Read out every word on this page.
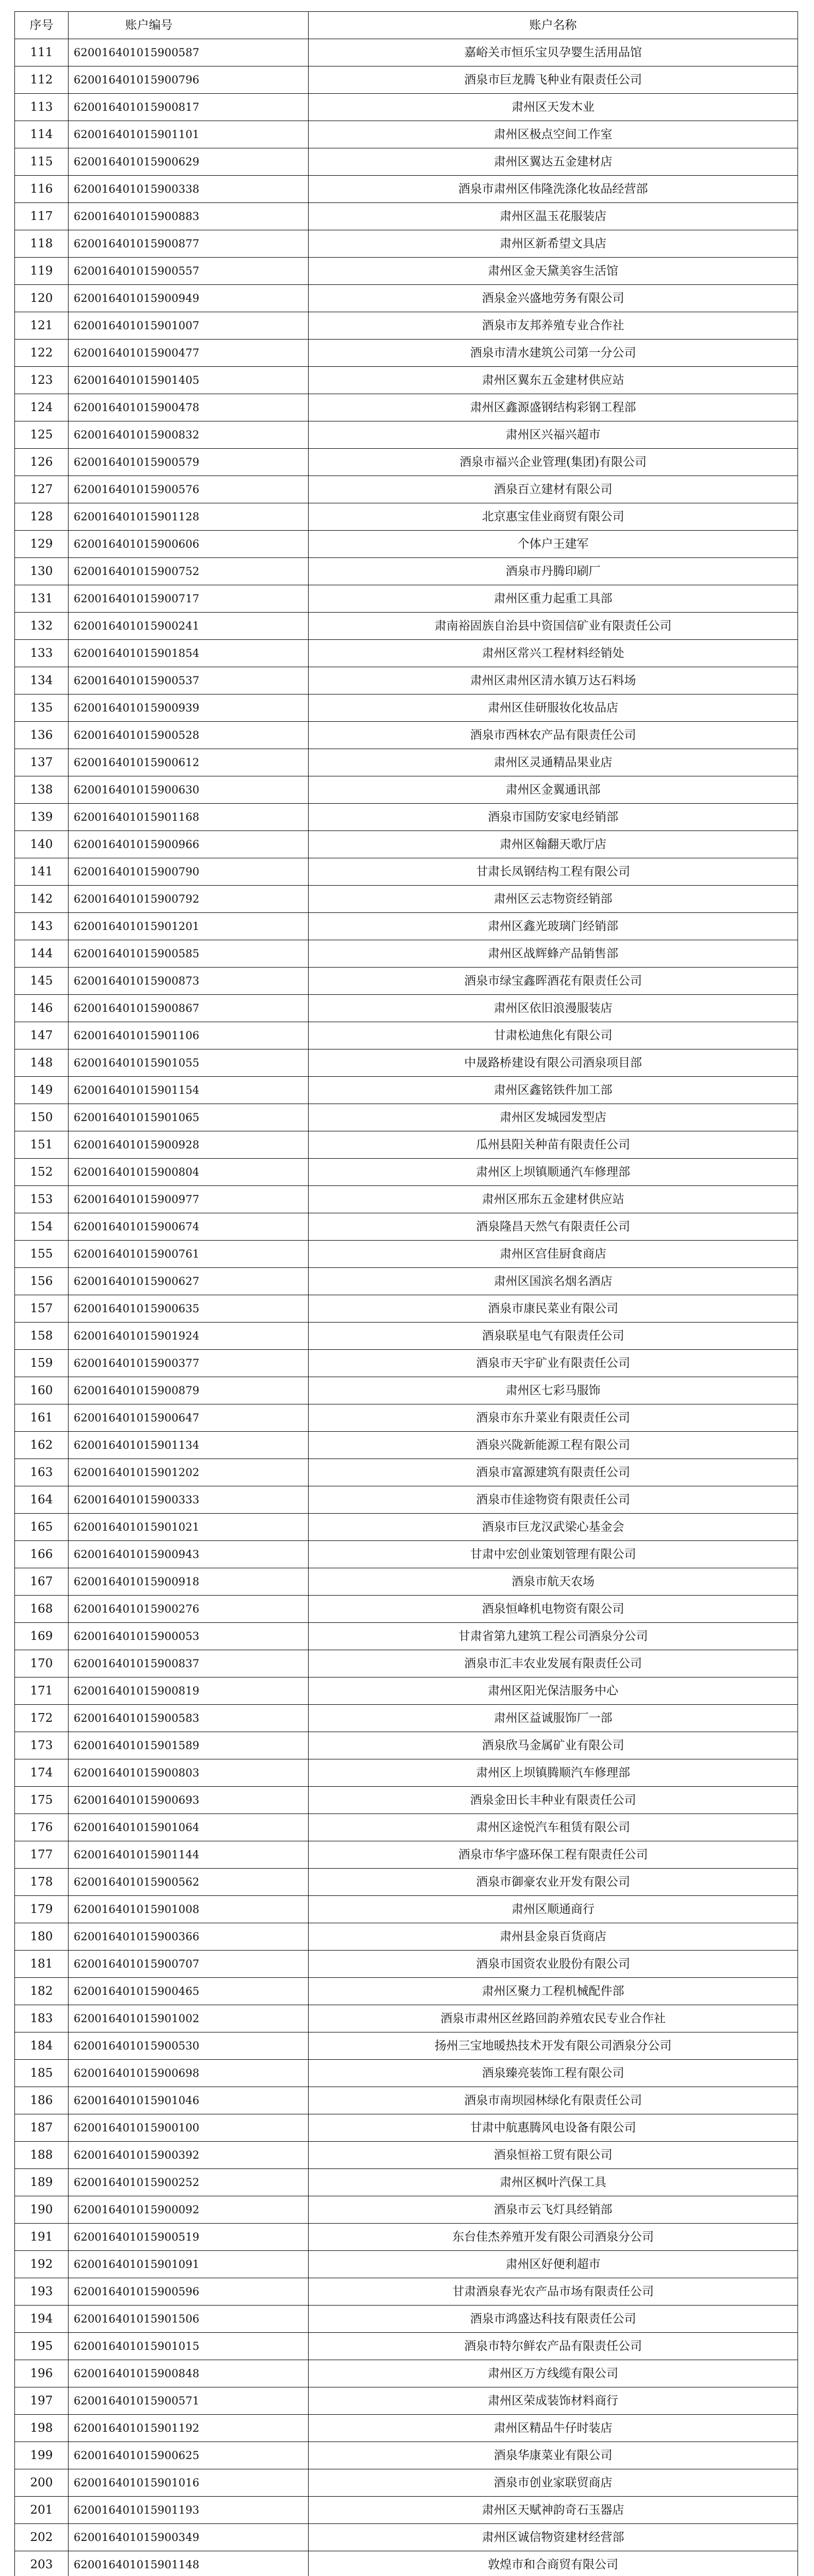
序号	账户编号	账户名称
111	620016401015900587	嘉峪关市恒乐宝贝孕婴生活用品馆
112	620016401015900796	酒泉市巨龙腾飞种业有限责任公司
113	620016401015900817	肃州区天发木业
114	620016401015901101	肃州区极点空间工作室
115	620016401015900629	肃州区翼达五金建材店
116	620016401015900338	酒泉市肃州区伟隆洗涤化妆品经营部
117	620016401015900883	肃州区温玉花服装店
118	620016401015900877	肃州区新希望文具店
119	620016401015900557	肃州区金天黛美容生活馆
120	620016401015900949	酒泉金兴盛地劳务有限公司
121	620016401015901007	酒泉市友邦养殖专业合作社
122	620016401015900477	酒泉市清水建筑公司第一分公司
123	620016401015901405	肃州区翼东五金建材供应站
124	620016401015900478	肃州区鑫源盛钢结构彩钢工程部
125	620016401015900832	肃州区兴福兴超市
126	620016401015900579	酒泉市福兴企业管理(集团)有限公司
127	620016401015900576	酒泉百立建材有限公司
128	620016401015901128	北京惠宝佳业商贸有限公司
129	620016401015900606	个体户王建军
130	620016401015900752	酒泉市丹腾印刷厂
131	620016401015900717	肃州区重力起重工具部
132	620016401015900241	肃南裕固族自治县中资国信矿业有限责任公司
133	620016401015901854	肃州区常兴工程材料经销处
134	620016401015900537	肃州区肃州区清水镇万达石料场
135	620016401015900939	肃州区佳研服妆化妆品店
136	620016401015900528	酒泉市西林农产品有限责任公司
137	620016401015900612	肃州区灵通精品果业店
138	620016401015900630	肃州区金翼通讯部
139	620016401015901168	酒泉市国防安家电经销部
140	620016401015900966	肃州区翰翻天歌厅店
141	620016401015900790	甘肃长凤钢结构工程有限公司
142	620016401015900792	肃州区云志物资经销部
143	620016401015901201	肃州区鑫光玻璃门经销部
144	620016401015900585	肃州区战辉蜂产品销售部
145	620016401015900873	酒泉市绿宝鑫晖酒花有限责任公司
146	620016401015900867	肃州区依旧浪漫服装店
147	620016401015901106	甘肃松迪焦化有限公司
148	620016401015901055	中晟路桥建设有限公司酒泉项目部
149	620016401015901154	肃州区鑫铭铁件加工部
150	620016401015901065	肃州区发城园发型店
151	620016401015900928	瓜州县阳关种苗有限责任公司
152	620016401015900804	肃州区上坝镇顺通汽车修理部
153	620016401015900977	肃州区邢东五金建材供应站
154	620016401015900674	酒泉隆昌天然气有限责任公司
155	620016401015900761	肃州区宫佳厨食商店
156	620016401015900627	肃州区国滨名烟名酒店
157	620016401015900635	酒泉市康民菜业有限公司
158	620016401015901924	酒泉联星电气有限责任公司
159	620016401015900377	酒泉市天宇矿业有限责任公司
160	620016401015900879	肃州区七彩马服饰
161	620016401015900647	酒泉市东升菜业有限责任公司
162	620016401015901134	酒泉兴陇新能源工程有限公司
163	620016401015901202	酒泉市富源建筑有限责任公司
164	620016401015900333	酒泉市佳途物资有限责任公司
165	620016401015901021	酒泉市巨龙汉武梁心基金会
166	620016401015900943	甘肃中宏创业策划管理有限公司
167	620016401015900918	酒泉市航天农场
168	620016401015900276	酒泉恒峰机电物资有限公司
169	620016401015900053	甘肃省第九建筑工程公司酒泉分公司
170	620016401015900837	酒泉市汇丰农业发展有限责任公司
171	620016401015900819	肃州区阳光保洁服务中心
172	620016401015900583	肃州区益诚服饰厂一部
173	620016401015901589	酒泉欣马金属矿业有限公司
174	620016401015900803	肃州区上坝镇腾顺汽车修理部
175	620016401015900693	酒泉金田长丰种业有限责任公司
176	620016401015901064	肃州区途悦汽车租赁有限公司
177	620016401015901144	酒泉市华宇盛环保工程有限责任公司
178	620016401015900562	酒泉市御豪农业开发有限公司
179	620016401015901008	肃州区顺通商行
180	620016401015900366	肃州县金泉百货商店
181	620016401015900707	酒泉市国资农业股份有限公司
182	620016401015900465	肃州区聚力工程机械配件部
183	620016401015901002	酒泉市肃州区丝路回韵养殖农民专业合作社
184	620016401015900530	扬州三宝地暖热技术开发有限公司酒泉分公司
185	620016401015900698	酒泉臻亮装饰工程有限公司
186	620016401015901046	酒泉市南坝园林绿化有限责任公司
187	620016401015900100	甘肃中航惠腾风电设备有限公司
188	620016401015900392	酒泉恒裕工贸有限公司
189	620016401015900252	肃州区枫叶汽保工具
190	620016401015900092	酒泉市云飞灯具经销部
191	620016401015900519	东台佳杰养殖开发有限公司酒泉分公司
192	620016401015901091	肃州区好便利超市
193	620016401015900596	甘肃酒泉春光农产品市场有限责任公司
194	620016401015901506	酒泉市鸿盛达科技有限责任公司
195	620016401015901015	酒泉市特尔鲜农产品有限责任公司
196	620016401015900848	肃州区万方线缆有限公司
197	620016401015900571	肃州区荣成装饰材料商行
198	620016401015901192	肃州区精品牛仔时装店
199	620016401015900625	酒泉华康菜业有限公司
200	620016401015901016	酒泉市创业家联贸商店
201	620016401015901193	肃州区天赋神韵奇石玉器店
202	620016401015900349	肃州区诚信物资建材经营部
203	620016401015901148	敦煌市和合商贸有限公司
